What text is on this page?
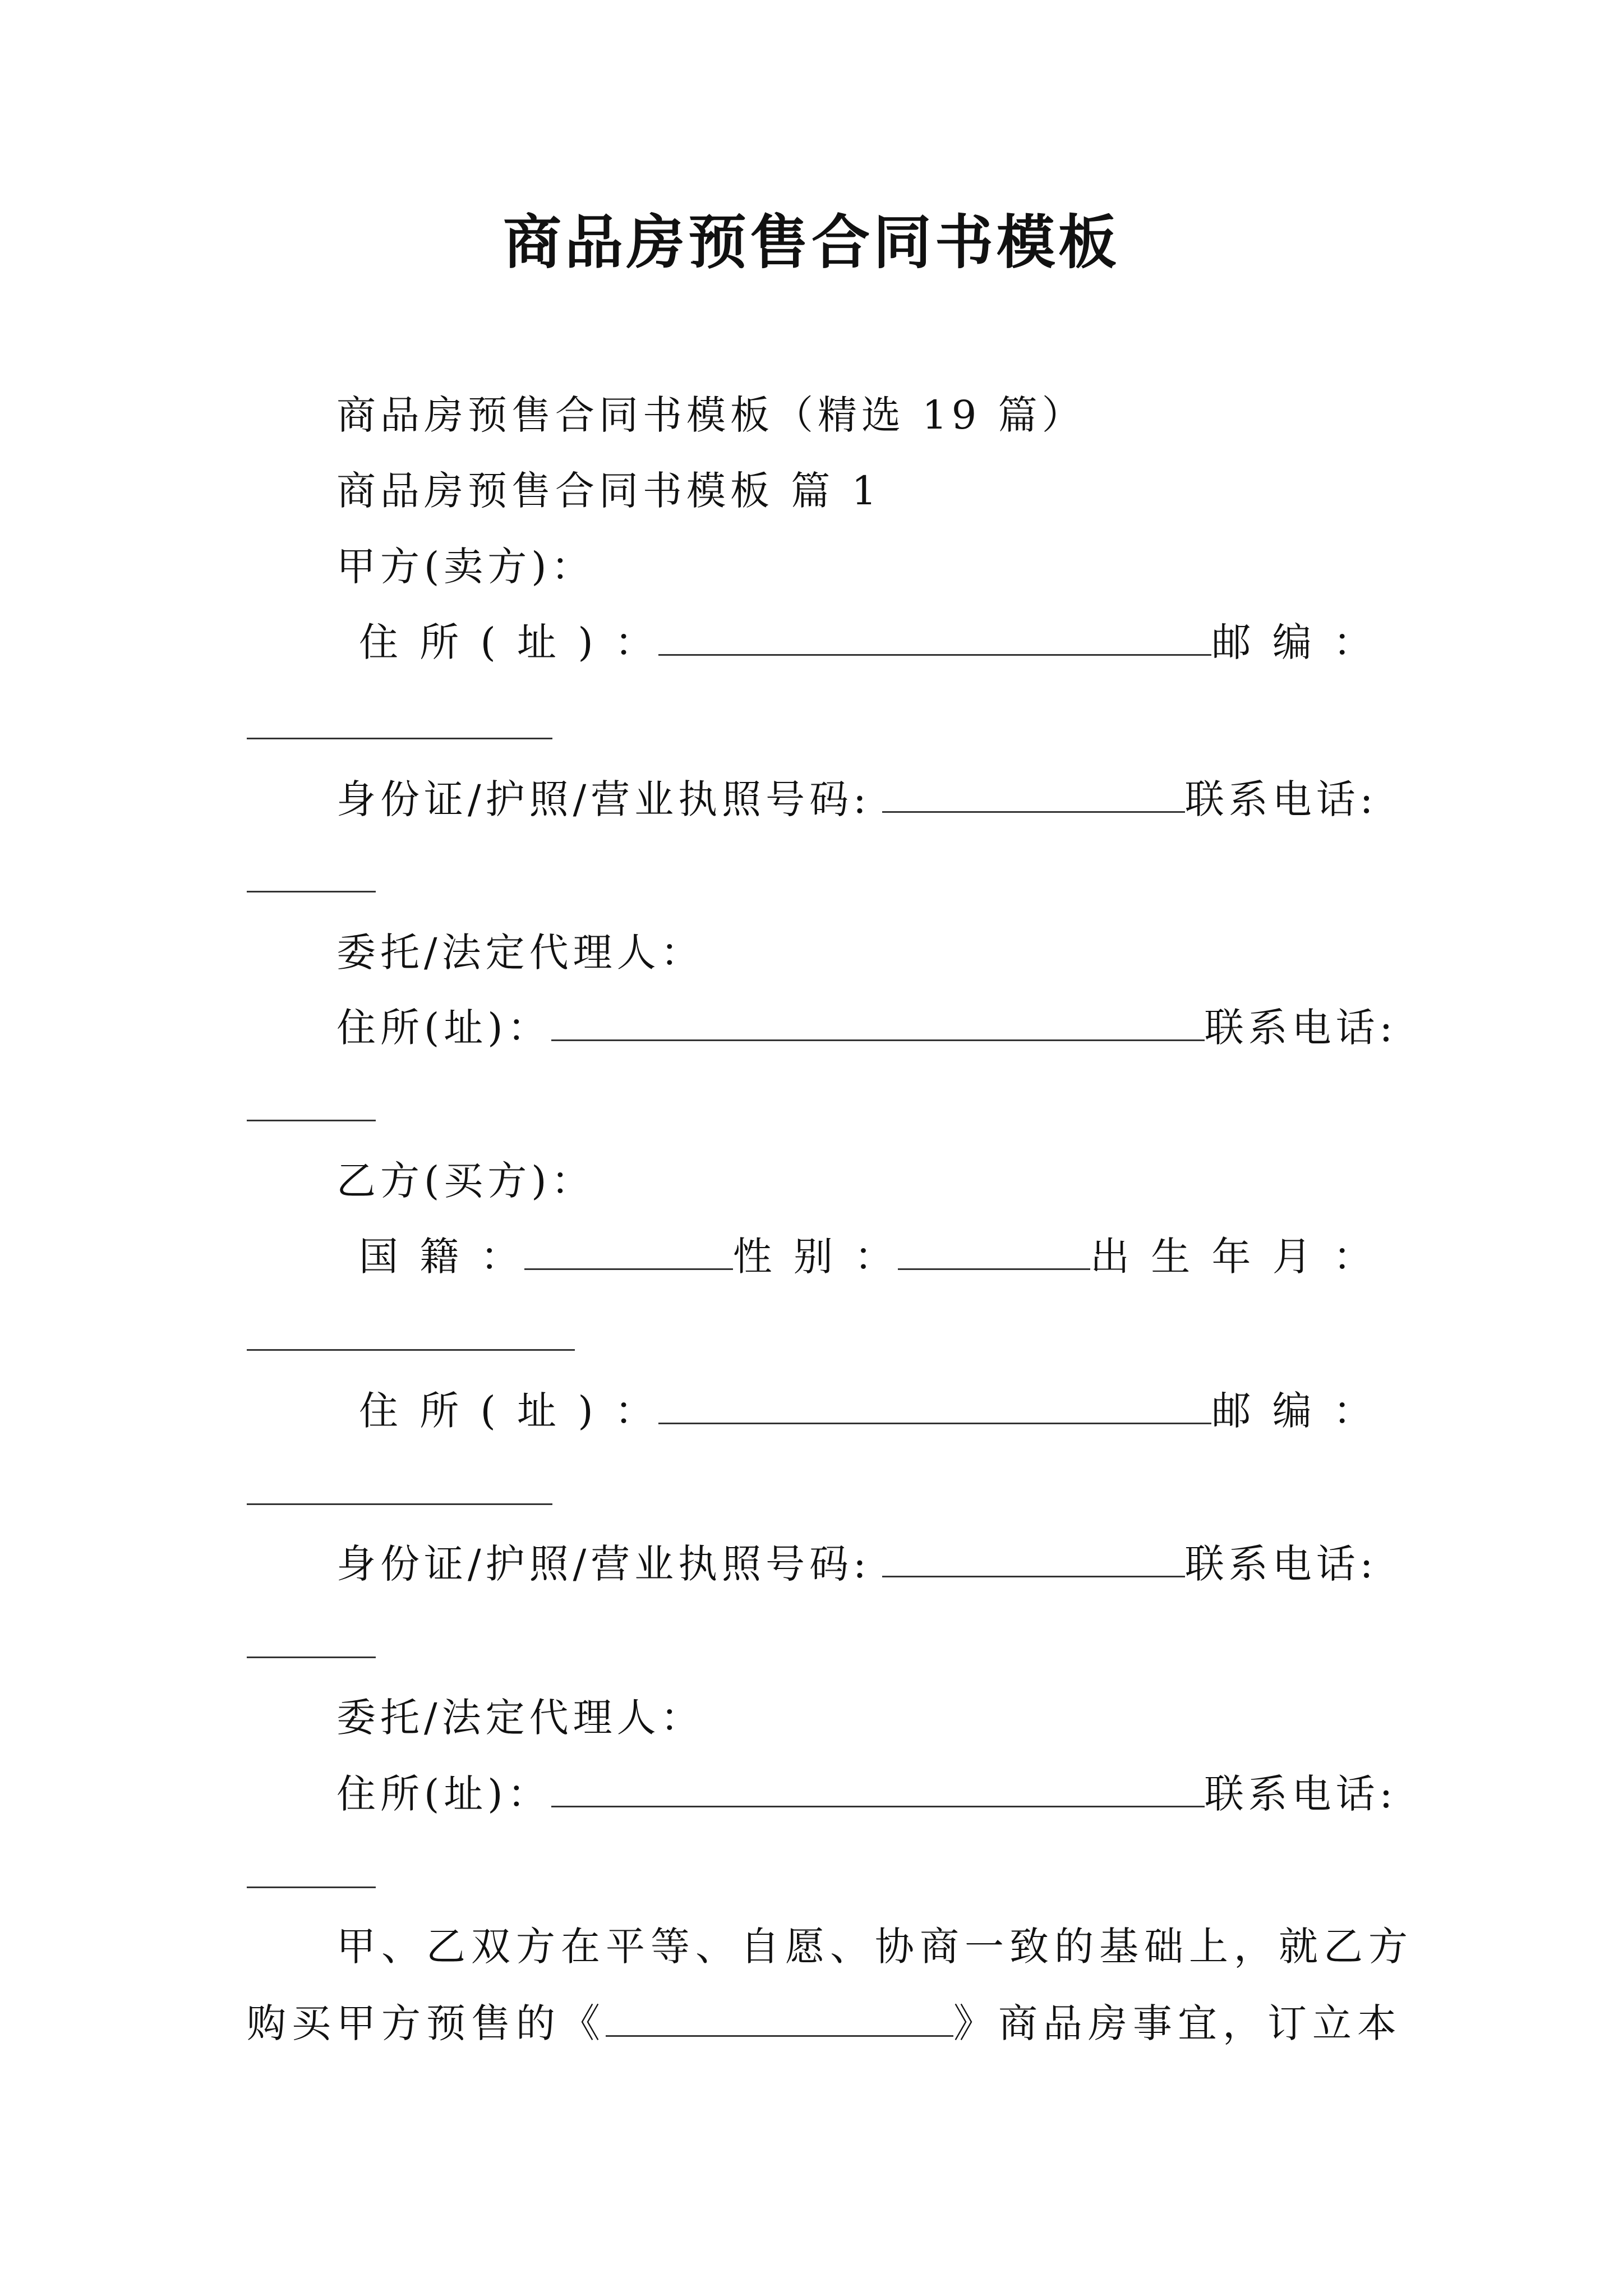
商品房预售合同书模板
商品房预售合同书模板（精选 19 篇）
商品房预售合同书模板 篇 1
甲方(卖方)：
住 所 ( 址 ) ：	邮 编 ：
身份证/护照/营业执照号码:	联系电话:
委托/法定代理人：
住所(址)：	联系电话:
乙方(买方)：
国 籍 ：	性 别 ：	出 生 年 月 ：
住 所 ( 址 ) ：	邮 编 ：
身份证/护照/营业执照号码:	联系电话:
委托/法定代理人：
住所(址)：	联系电话:
甲、乙双方在平等、自愿、协商一致的基础上，就乙方
购买甲方预售的《	》商品房事宜，订立本
